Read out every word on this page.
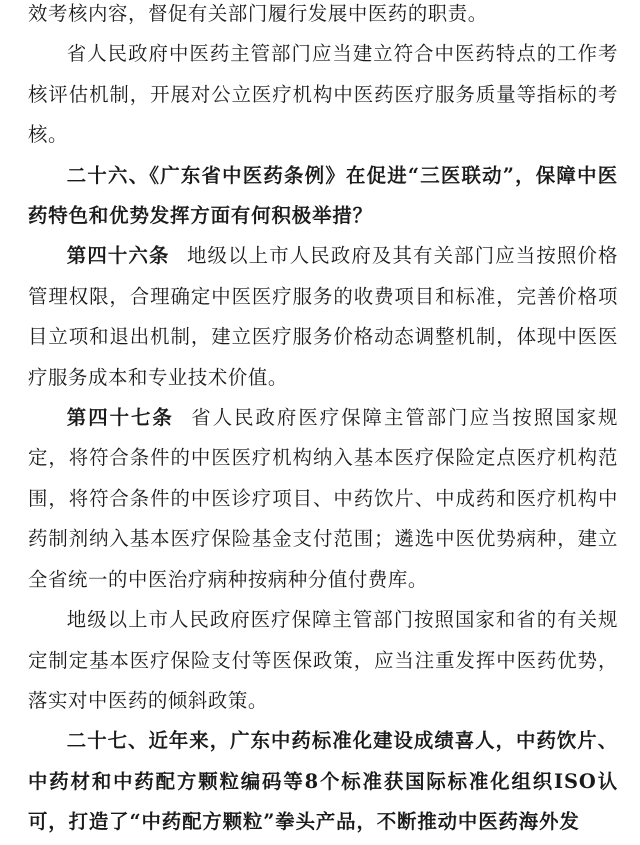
效考核内容，督促有关部门履行发展中医药的职责。

省人民政府中医药主管部门应当建立符合中医药特点的工作考核评估机制，开展对公立医疗机构中医药医疗服务质量等指标的考核。

二十六、《广东省中医药条例》在促进“三医联动”，保障中医药特色和优势发挥方面有何积极举措？

第四十六条 地级以上市人民政府及其有关部门应当按照价格管理权限，合理确定中医医疗服务的收费项目和标准，完善价格项目立项和退出机制，建立医疗服务价格动态调整机制，体现中医医疗服务成本和专业技术价值。

第四十七条 省人民政府医疗保障主管部门应当按照国家规定，将符合条件的中医医疗机构纳入基本医疗保险定点医疗机构范围，将符合条件的中医诊疗项目、中药饮片、中成药和医疗机构中药制剂纳入基本医疗保险基金支付范围；遴选中医优势病种，建立全省统一的中医治疗病种按病种分值付费库。

地级以上市人民政府医疗保障主管部门按照国家和省的有关规定制定基本医疗保险支付等医保政策，应当注重发挥中医药优势，落实对中医药的倾斜政策。

二十七、近年来，广东中药标准化建设成绩喜人，中药饮片、中药材和中药配方颗粒编码等8个标准获国际标准化组织ISO认可，打造了“中药配方颗粒”拳头产品，不断推动中医药海外发
